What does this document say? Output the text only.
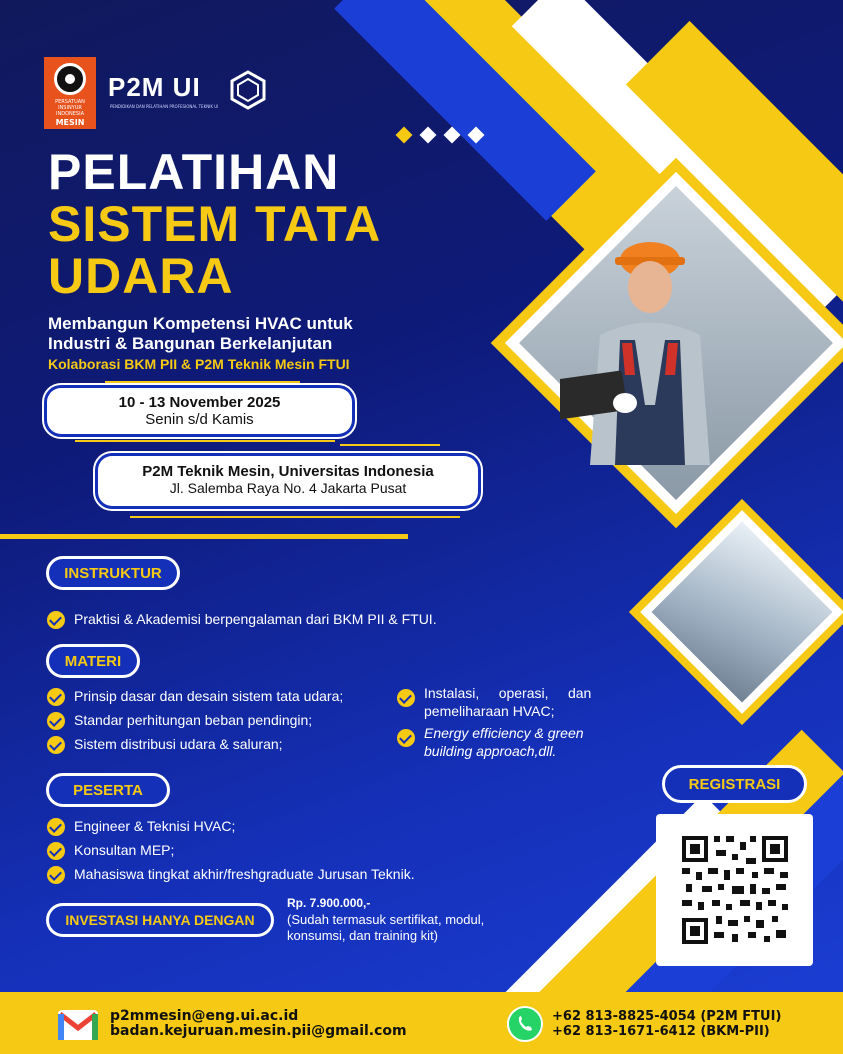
PERSATUAN INSINYUR INDONESIA
MESIN
P2M UI
PENDIDIKAN DAN PELATIHAN PROFESIONAL TEKNIK UI
PELATIHAN
SISTEM TATA
UDARA
Membangun Kompetensi HVAC untuk
Industri & Bangunan Berkelanjutan
Kolaborasi BKM PII & P2M Teknik Mesin FTUI
10 - 13 November 2025
Senin s/d Kamis
P2M Teknik Mesin, Universitas Indonesia
Jl. Salemba Raya No. 4 Jakarta Pusat
INSTRUKTUR
Praktisi & Akademisi berpengalaman dari BKM PII & FTUI.
MATERI
Prinsip dasar dan desain sistem tata udara;
Standar perhitungan beban pendingin;
Sistem distribusi udara & saluran;
Instalasi,     operasi,     dan
pemeliharaan HVAC;
Energy efficiency & green
building approach,dll.
PESERTA
Engineer & Teknisi HVAC;
Konsultan MEP;
Mahasiswa tingkat akhir/freshgraduate Jurusan Teknik.
INVESTASI HANYA DENGAN
Rp. 7.900.000,-
(Sudah termasuk sertifikat, modul,
konsumsi, dan training kit)
REGISTRASI
p2mmesin@eng.ui.ac.id
badan.kejuruan.mesin.pii@gmail.com
+62 813-8825-4054 (P2M FTUI)
+62 813-1671-6412 (BKM-PII)
